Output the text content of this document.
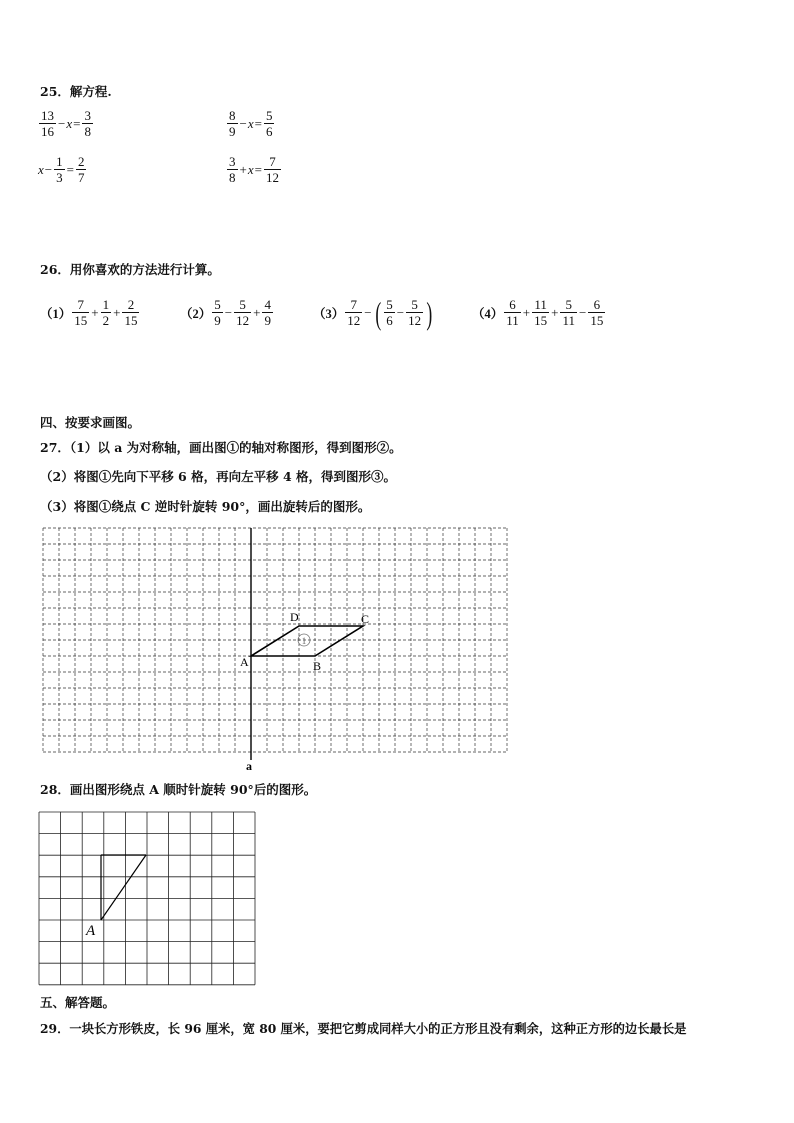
25．解方程.
$\frac{13}{16} - x = \frac{3}{8}$	$\frac{8}{9} - x = \frac{5}{6}$
$x - \frac{1}{3} = \frac{2}{7}$	$\frac{3}{8} + x = \frac{7}{12}$
26．用你喜欢的方法进行计算。
$(1) \frac{7}{15} + \frac{1}{2} + \frac{2}{15}$	$(2) \frac{5}{9} - \frac{5}{12} + \frac{4}{9}$	$(3) \frac{7}{12}$ − ( $\frac{5}{6} - \frac{5}{12}$ )	$(4) \frac{6}{11} + \frac{11}{15} + \frac{5}{11} - \frac{6}{15}$
四、按要求画图。
27．（1）以 a 为对称轴，画出图①的轴对称图形，得到图形②。
（2）将图①先向下平移 6 格，再向左平移 4 格，得到图形③。
（3）将图①绕点 C 逆时针旋转 90°，画出旋转后的图形。
1
A	B
C
D
a
A
28．画出图形绕点 A 顺时针旋转 90°后的图形。
五、解答题。
29．一块长方形铁皮，长 96 厘米，宽 80 厘米，要把它剪成同样大小的正方形且没有剩余，这种正方形的边长最长是
